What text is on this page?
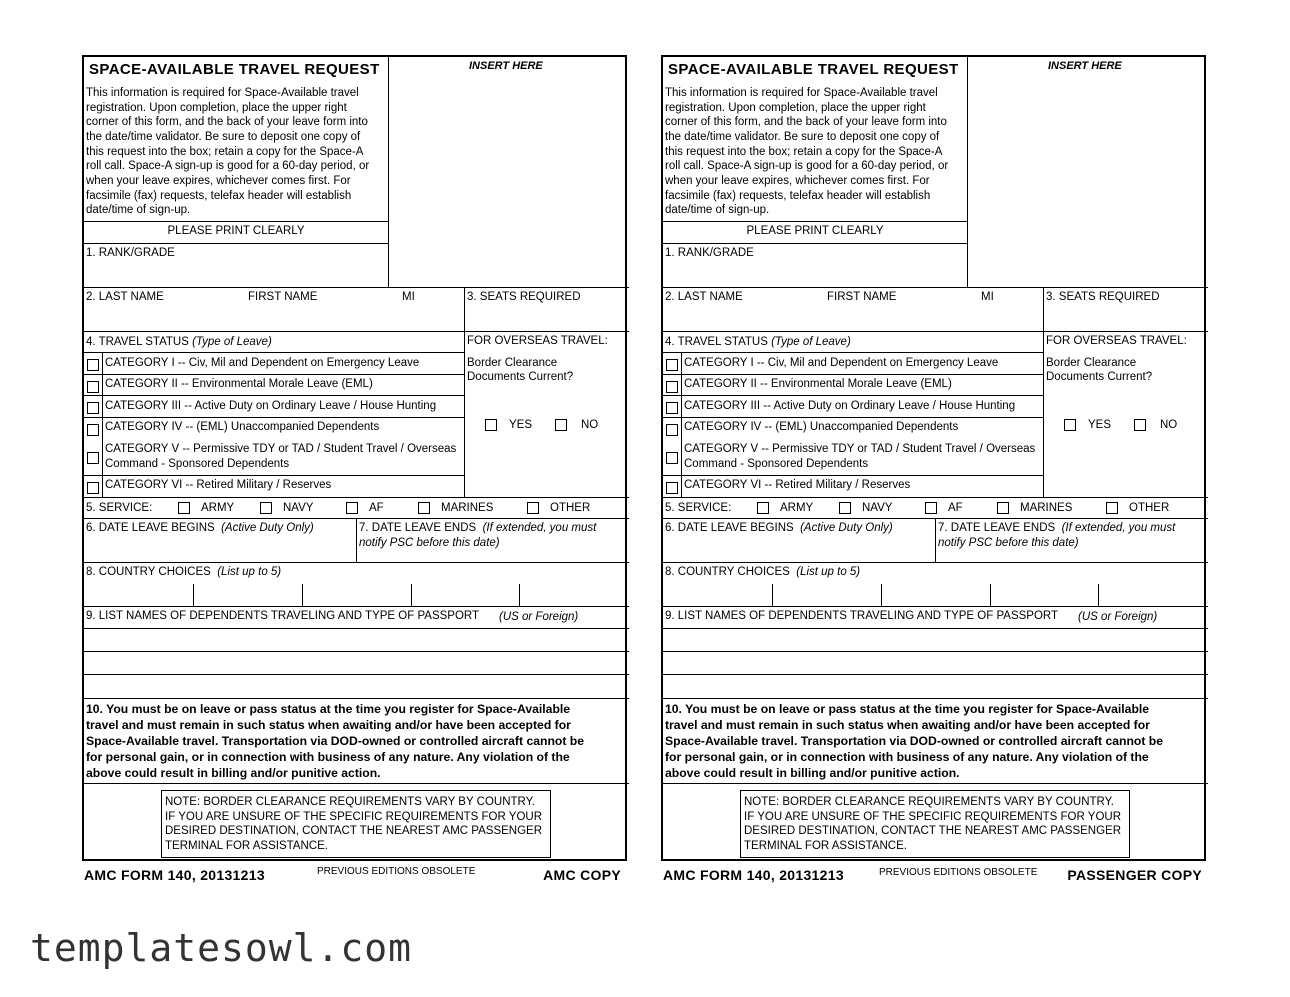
SPACE-AVAILABLE TRAVEL REQUEST	INSERT HERE
This information is required for Space-Available travel
registration. Upon completion, place the upper right
corner of this form, and the back of your leave form into
the date/time validator. Be sure to deposit one copy of
this request into the box; retain a copy for the Space-A
roll call. Space-A sign-up is good for a 60-day period, or
when your leave expires, whichever comes first. For
facsimile (fax) requests, telefax header will establish
date/time of sign-up.
PLEASE PRINT CLEARLY
1. RANK/GRADE
2. LAST NAME	FIRST NAME	MI	3. SEATS REQUIRED
4. TRAVEL STATUS (Type of Leave)	FOR OVERSEAS TRAVEL:
Border Clearance
Documents Current?
YES	NO
CATEGORY I -- Civ, Mil and Dependent on Emergency Leave
CATEGORY II -- Environmental Morale Leave (EML)
CATEGORY III -- Active Duty on Ordinary Leave / House Hunting
CATEGORY IV -- (EML) Unaccompanied Dependents
CATEGORY V -- Permissive TDY or TAD / Student Travel / Overseas
Command - Sponsored Dependents
CATEGORY VI -- Retired Military / Reserves
5. SERVICE:	ARMY	NAVY	AF	MARINES	OTHER
6. DATE LEAVE BEGINS (Active Duty Only)	7. DATE LEAVE ENDS (If extended, you must
notify PSC before this date)
8. COUNTRY CHOICES (List up to 5)
9. LIST NAMES OF DEPENDENTS TRAVELING AND TYPE OF PASSPORT (US or Foreign)
10. You must be on leave or pass status at the time you register for Space-Available
travel and must remain in such status when awaiting and/or have been accepted for
Space-Available travel. Transportation via DOD-owned or controlled aircraft cannot be
for personal gain, or in connection with business of any nature. Any violation of the
above could result in billing and/or punitive action.
NOTE: BORDER CLEARANCE REQUIREMENTS VARY BY COUNTRY.
IF YOU ARE UNSURE OF THE SPECIFIC REQUIREMENTS FOR YOUR
DESIRED DESTINATION, CONTACT THE NEAREST AMC PASSENGER
TERMINAL FOR ASSISTANCE.
SPACE-AVAILABLE TRAVEL REQUEST	INSERT HERE
This information is required for Space-Available travel
registration. Upon completion, place the upper right
corner of this form, and the back of your leave form into
the date/time validator. Be sure to deposit one copy of
this request into the box; retain a copy for the Space-A
roll call. Space-A sign-up is good for a 60-day period, or
when your leave expires, whichever comes first. For
facsimile (fax) requests, telefax header will establish
date/time of sign-up.
PLEASE PRINT CLEARLY
1. RANK/GRADE
2. LAST NAME	FIRST NAME	MI	3. SEATS REQUIRED
4. TRAVEL STATUS (Type of Leave)	FOR OVERSEAS TRAVEL:
Border Clearance
Documents Current?
YES	NO
CATEGORY I -- Civ, Mil and Dependent on Emergency Leave
CATEGORY II -- Environmental Morale Leave (EML)
CATEGORY III -- Active Duty on Ordinary Leave / House Hunting
CATEGORY IV -- (EML) Unaccompanied Dependents
CATEGORY V -- Permissive TDY or TAD / Student Travel / Overseas
Command - Sponsored Dependents
CATEGORY VI -- Retired Military / Reserves
5. SERVICE:	ARMY	NAVY	AF	MARINES	OTHER
6. DATE LEAVE BEGINS (Active Duty Only)	7. DATE LEAVE ENDS (If extended, you must
notify PSC before this date)
8. COUNTRY CHOICES (List up to 5)
9. LIST NAMES OF DEPENDENTS TRAVELING AND TYPE OF PASSPORT (US or Foreign)
10. You must be on leave or pass status at the time you register for Space-Available
travel and must remain in such status when awaiting and/or have been accepted for
Space-Available travel. Transportation via DOD-owned or controlled aircraft cannot be
for personal gain, or in connection with business of any nature. Any violation of the
above could result in billing and/or punitive action.
NOTE: BORDER CLEARANCE REQUIREMENTS VARY BY COUNTRY.
IF YOU ARE UNSURE OF THE SPECIFIC REQUIREMENTS FOR YOUR
DESIRED DESTINATION, CONTACT THE NEAREST AMC PASSENGER
TERMINAL FOR ASSISTANCE.
AMC FORM 140, 20131213	PREVIOUS EDITIONS OBSOLETE	AMC COPY	AMC FORM 140, 20131213	PREVIOUS EDITIONS OBSOLETE PASSENGER COPY
templatesowl.com
